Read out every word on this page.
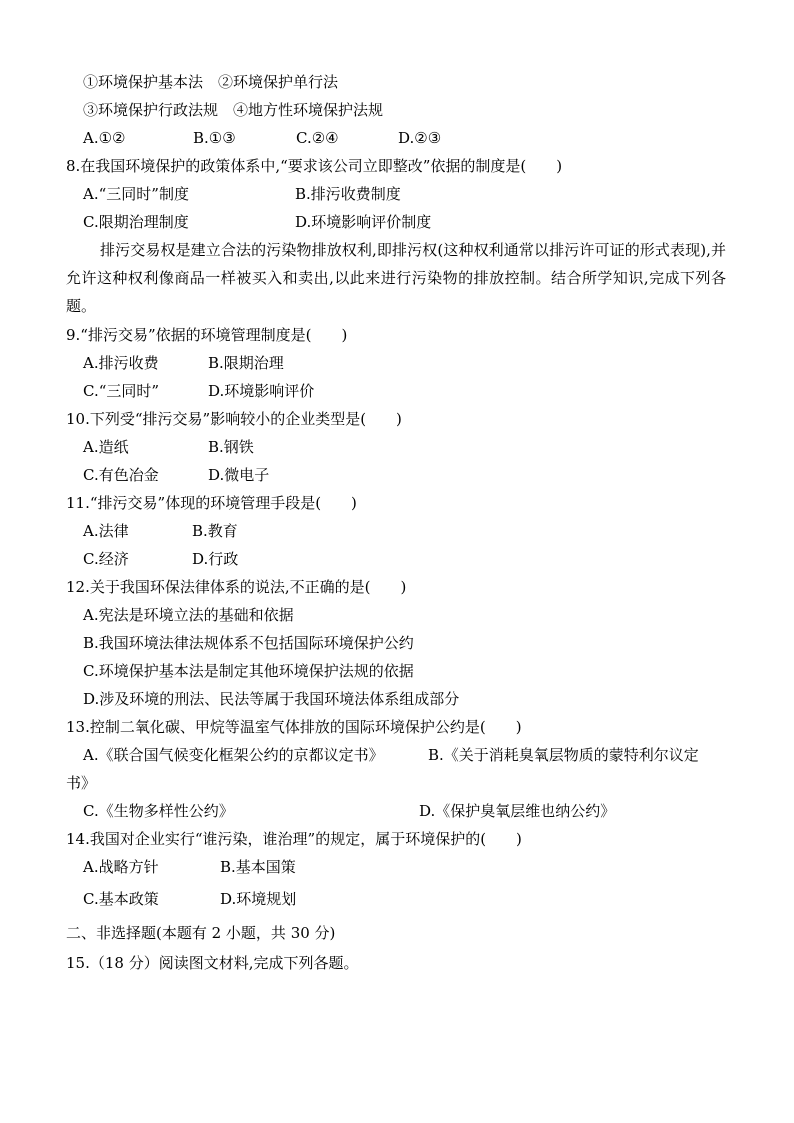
①环境保护基本法　②环境保护单行法
③环境保护行政法规　④地方性环境保护法规
A.①②	B.①③	C.②④	D.②③
8.在我国环境保护的政策体系中,“要求该公司立即整改”依据的制度是(　　)
A.“三同时”制度	B.排污收费制度
C.限期治理制度	D.环境影响评价制度
排污交易权是建立合法的污染物排放权利,即排污权(这种权利通常以排污许可证的形式表现),并允许这种权利像商品一样被买入和卖出,以此来进行污染物的排放控制。结合所学知识,完成下列各题。
9.“排污交易”依据的环境管理制度是(　　)
A.排污收费	B.限期治理
C.“三同时”	D.环境影响评价
10.下列受“排污交易”影响较小的企业类型是(　　)
A.造纸	B.钢铁
C.有色冶金	D.微电子
11.“排污交易”体现的环境管理手段是(　　)
A.法律	B.教育
C.经济	D.行政
12.关于我国环保法律体系的说法,不正确的是(　　)
A.宪法是环境立法的基础和依据
B.我国环境法律法规体系不包括国际环境保护公约
C.环境保护基本法是制定其他环境保护法规的依据
D.涉及环境的刑法、民法等属于我国环境法体系组成部分
13.控制二氧化碳、甲烷等温室气体排放的国际环境保护公约是(　　)
A.《联合国气候变化框架公约的京都议定书》	B.《关于消耗臭氧层物质的蒙特利尔议定
书》
C.《生物多样性公约》	D.《保护臭氧层维也纳公约》
14.我国对企业实行“谁污染，谁治理”的规定，属于环境保护的(　　)
A.战略方针	B.基本国策
C.基本政策	D.环境规划
二、非选择题(本题有 2 小题，共 30 分)
15.（18 分）阅读图文材料,完成下列各题。
